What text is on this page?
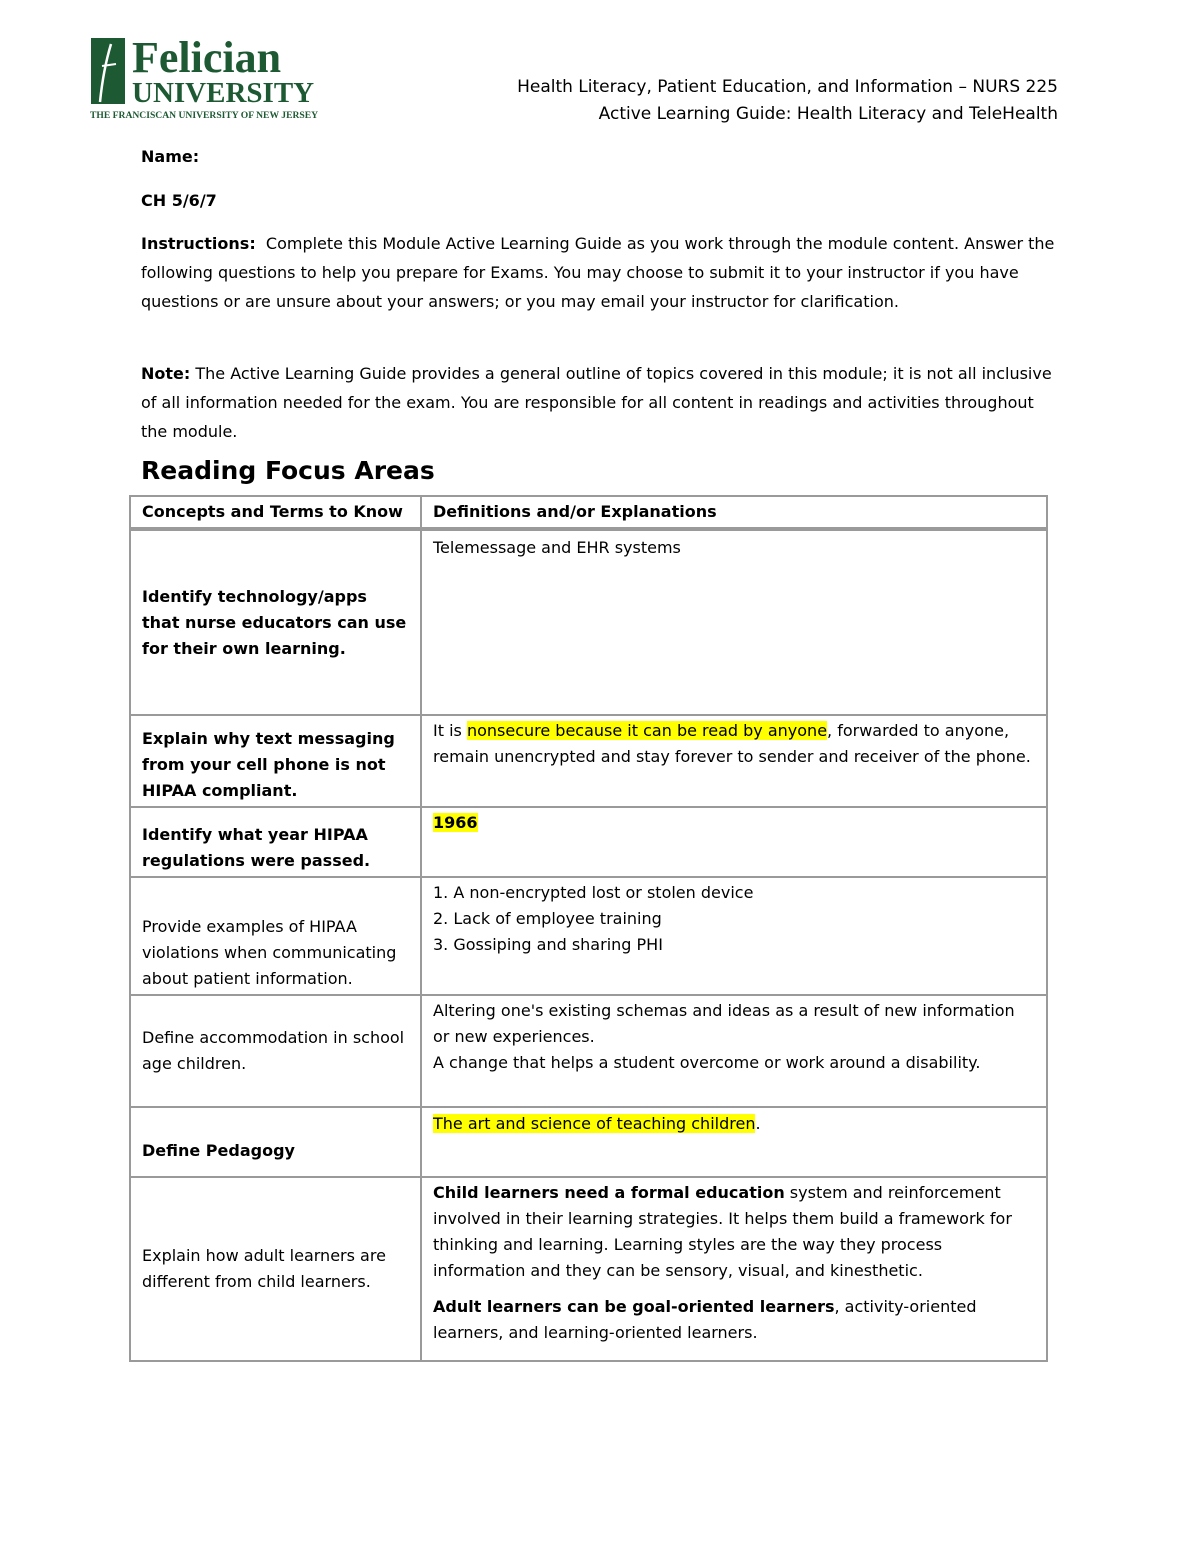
Felician
UNIVERSITY
THE FRANCISCAN UNIVERSITY OF NEW JERSEY
Health Literacy, Patient Education, and Information – NURS 225
Active Learning Guide: Health Literacy and TeleHealth
Name:
CH 5/6/7
Instructions: Complete this Module Active Learning Guide as you work through the module content. Answer the following questions to help you prepare for Exams. You may choose to submit it to your instructor if you have questions or are unsure about your answers; or you may email your instructor for clarification.
Note: The Active Learning Guide provides a general outline of topics covered in this module; it is not all inclusive of all information needed for the exam. You are responsible for all content in readings and activities throughout the module.
Reading Focus Areas
Concepts and Terms to Know	Definitions and/or Explanations
Identify technology/apps that nurse educators can use for their own learning.	Telemessage and EHR systems
Explain why text messaging from your cell phone is not HIPAA compliant.	It is nonsecure because it can be read by anyone, forwarded to anyone, remain unencrypted and stay forever to sender and receiver of the phone.
Identify what year HIPAA regulations were passed.	1966
Provide examples of HIPAA violations when communicating about patient information.	1. A non-encrypted lost or stolen device
2. Lack of employee training
3. Gossiping and sharing PHI

Define accommodation in school age children.	Altering one's existing schemas and ideas as a result of new information or new experiences.
A change that helps a student overcome or work around a disability.

Define Pedagogy	The art and science of teaching children.
Explain how adult learners are different from child learners.	Child learners need a formal education system and reinforcement involved in their learning strategies. It helps them build a framework for thinking and learning. Learning styles are the way they process information and they can be sensory, visual, and kinesthetic.
Adult learners can be goal-oriented learners, activity-oriented learners, and learning-oriented learners.
